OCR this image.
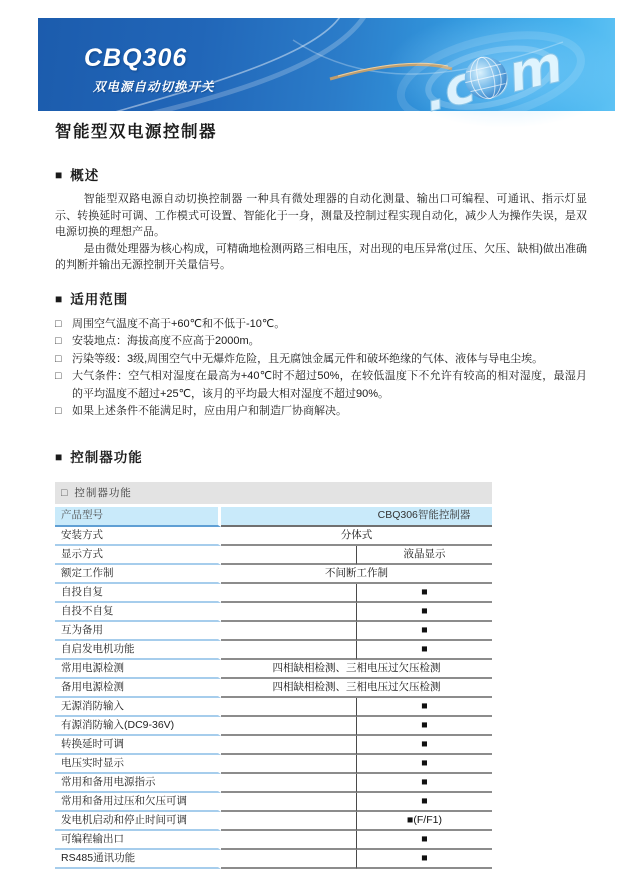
CBQ306
双电源自动切换开关
智能型双电源控制器
■ 概述

智能型双路电源自动切换控制器 一种具有微处理器的自动化测量、输出口可编程、可通讯、指示灯显示、转换延时可调、工作模式可设置、智能化于一身，测量及控制过程实现自动化，减少人为操作失误，是双电源切换的理想产品。

是由微处理器为核心构成，可精确地检测两路三相电压，对出现的电压异常(过压、欠压、缺相)做出准确的判断并输出无源控制开关量信号。

■ 适用范围
□ 周围空气温度不高于+60℃和不低于-10℃。
□ 安装地点：海拔高度不应高于2000m。
□ 污染等级：3级,周围空气中无爆炸危险，且无腐蚀金属元件和破坏绝缘的气体、液体与导电尘埃。
□ 大气条件：空气相对湿度在最高为+40℃时不超过50%，在较低温度下不允许有较高的相对湿度，最湿月的平均温度不超过+25℃，该月的平均最大相对湿度不超过90%。
□ 如果上述条件不能满足时，应由用户和制造厂协商解决。
■ 控制器功能
□ 控制器功能
产品型号	CBQ306智能控制器
安装方式	分体式
显示方式	液晶显示
额定工作制	不间断工作制
自投自复	■
自投不自复	■
互为备用	■
自启发电机功能	■
常用电源检测	四相缺相检测、三相电压过欠压检测
备用电源检测	四相缺相检测、三相电压过欠压检测
无源消防输入	■
有源消防输入(DC9-36V)	■
转换延时可调	■
电压实时显示	■
常用和备用电源指示	■
常用和备用过压和欠压可调	■
发电机启动和停止时间可调	■(F/F1)
可编程输出口	■
RS485通讯功能	■
